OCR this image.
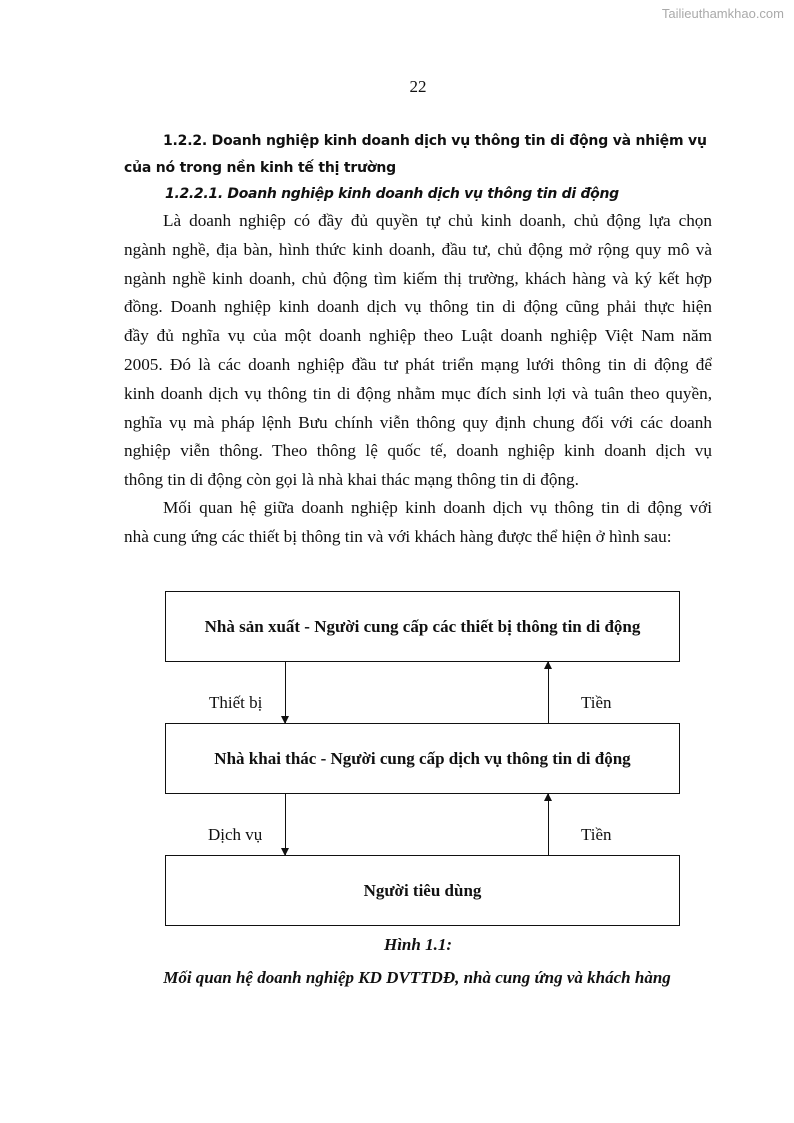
Tailieuthamkhao.com
22
1.2.2. Doanh nghiệp kinh doanh dịch vụ thông tin di động và nhiệm vụ
của nó trong nền kinh tế thị trường
1.2.2.1. Doanh nghiệp kinh doanh dịch vụ thông tin di động
Là doanh nghiệp có đầy đủ quyền tự chủ kinh doanh, chủ động lựa chọn
ngành nghề, địa bàn, hình thức kinh doanh, đầu tư, chủ động mở rộng quy mô và
ngành nghề kinh doanh, chủ động tìm kiếm thị trường, khách hàng và ký kết hợp
đồng. Doanh nghiệp kinh doanh dịch vụ thông tin di động cũng phải thực hiện
đầy đủ nghĩa vụ của một doanh nghiệp theo Luật doanh nghiệp Việt Nam năm
2005. Đó là các doanh nghiệp đầu tư phát triển mạng lưới thông tin di động để
kinh doanh dịch vụ thông tin di động nhằm mục đích sinh lợi và tuân theo quyền,
nghĩa vụ mà pháp lệnh Bưu chính viễn thông quy định chung đối với các doanh
nghiệp viễn thông. Theo thông lệ quốc tế, doanh nghiệp kinh doanh dịch vụ
thông tin di động còn gọi là nhà khai thác mạng thông tin di động.
Mối quan hệ giữa doanh nghiệp kinh doanh dịch vụ thông tin di động với
nhà cung ứng các thiết bị thông tin và với khách hàng được thể hiện ở hình sau:
Nhà sản xuất - Người cung cấp các thiết bị thông tin di động
Nhà khai thác - Người cung cấp dịch vụ thông tin di động
Người tiêu dùng
Thiết bị	Tiền
Dịch vụ	Tiền
Hình 1.1:
Mối quan hệ doanh nghiệp KD DVTTDĐ, nhà cung ứng và khách hàng
